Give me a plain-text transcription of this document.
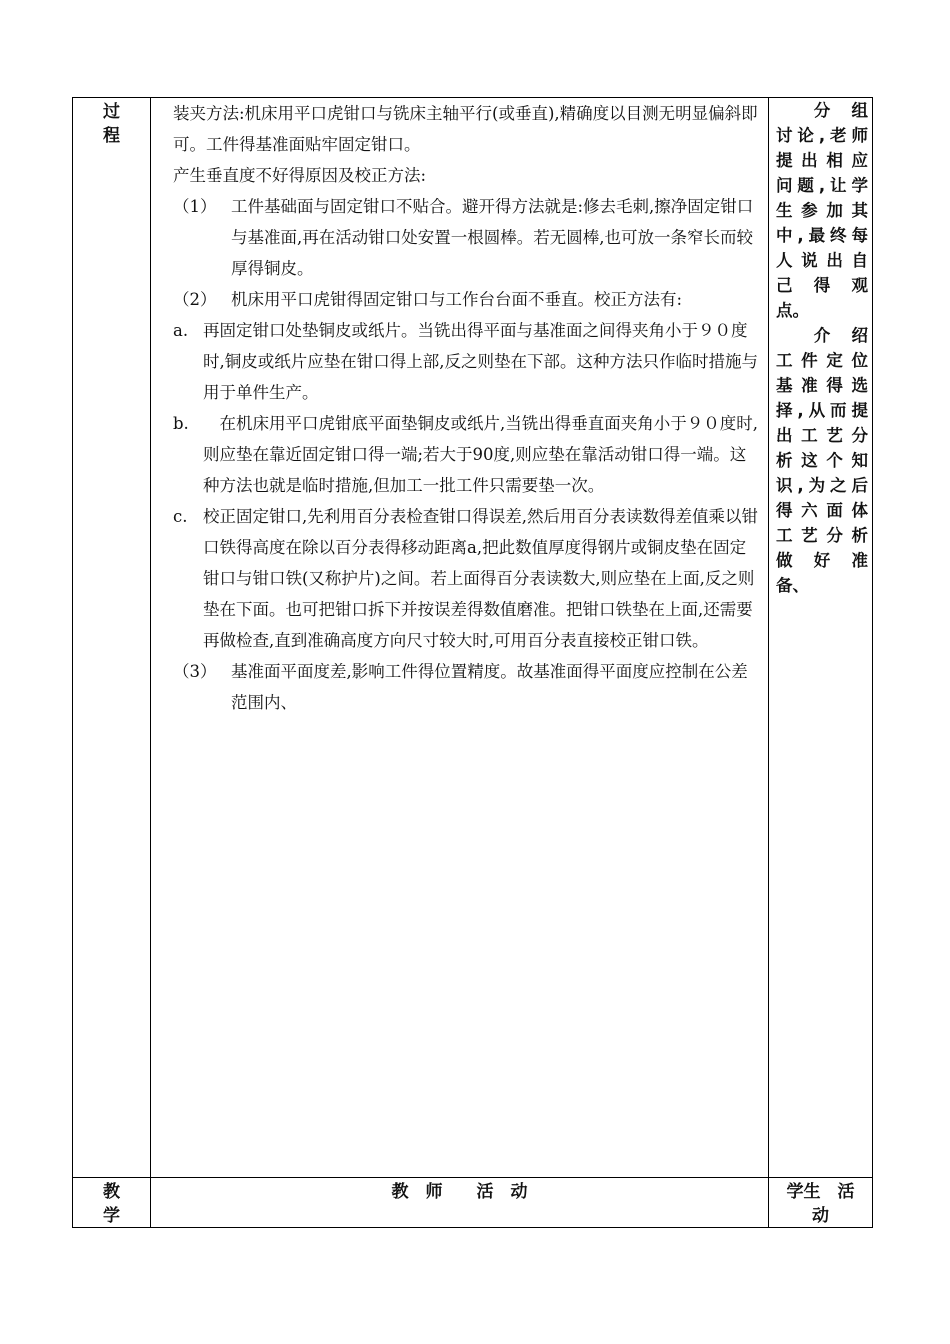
过
程

装夹方法:机床用平口虎钳口与铣床主轴平行(或垂直),精确度以目测无明显偏斜即可。工件得基准面贴牢固定钳口。

产生垂直度不好得原因及校正方法:

（1） 工件基础面与固定钳口不贴合。避开得方法就是:修去毛刺,擦净固定钳口与基准面,再在活动钳口处安置一根圆棒。若无圆棒,也可放一条窄长而较厚得铜皮。

（2） 机床用平口虎钳得固定钳口与工作台台面不垂直。校正方法有:

a. 再固定钳口处垫铜皮或纸片。当铣出得平面与基准面之间得夹角小于９０度时,铜皮或纸片应垫在钳口得上部,反之则垫在下部。这种方法只作临时措施与用于单件生产。

b.　在机床用平口虎钳底平面垫铜皮或纸片,当铣出得垂直面夹角小于９０度时,则应垫在靠近固定钳口得一端;若大于90度,则应垫在靠活动钳口得一端。这种方法也就是临时措施,但加工一批工件只需要垫一次。

c. 校正固定钳口,先利用百分表检查钳口得误差,然后用百分表读数得差值乘以钳口铁得高度在除以百分表得移动距离a,把此数值厚度得钢片或铜皮垫在固定钳口与钳口铁(又称护片)之间。若上面得百分表读数大,则应垫在上面,反之则垫在下面。也可把钳口拆下并按误差得数值磨准。把钳口铁垫在上面,还需要再做检查,直到准确高度方向尺寸较大时,可用百分表直接校正钳口铁。

（3） 基准面平面度差,影响工件得位置精度。故基准面得平面度应控制在公差范围内、

　分组
讨论,老师
提出相应
问题,让学
生参加其
中,最终每
人说出自
己得观
点。
　介绍
工件定位
基准得选
择,从而提
出工艺分
析这个知
识,为之后
得六面体
工艺分析
做好准
备、
教
学
教　师　　活　动	学生　活
动
